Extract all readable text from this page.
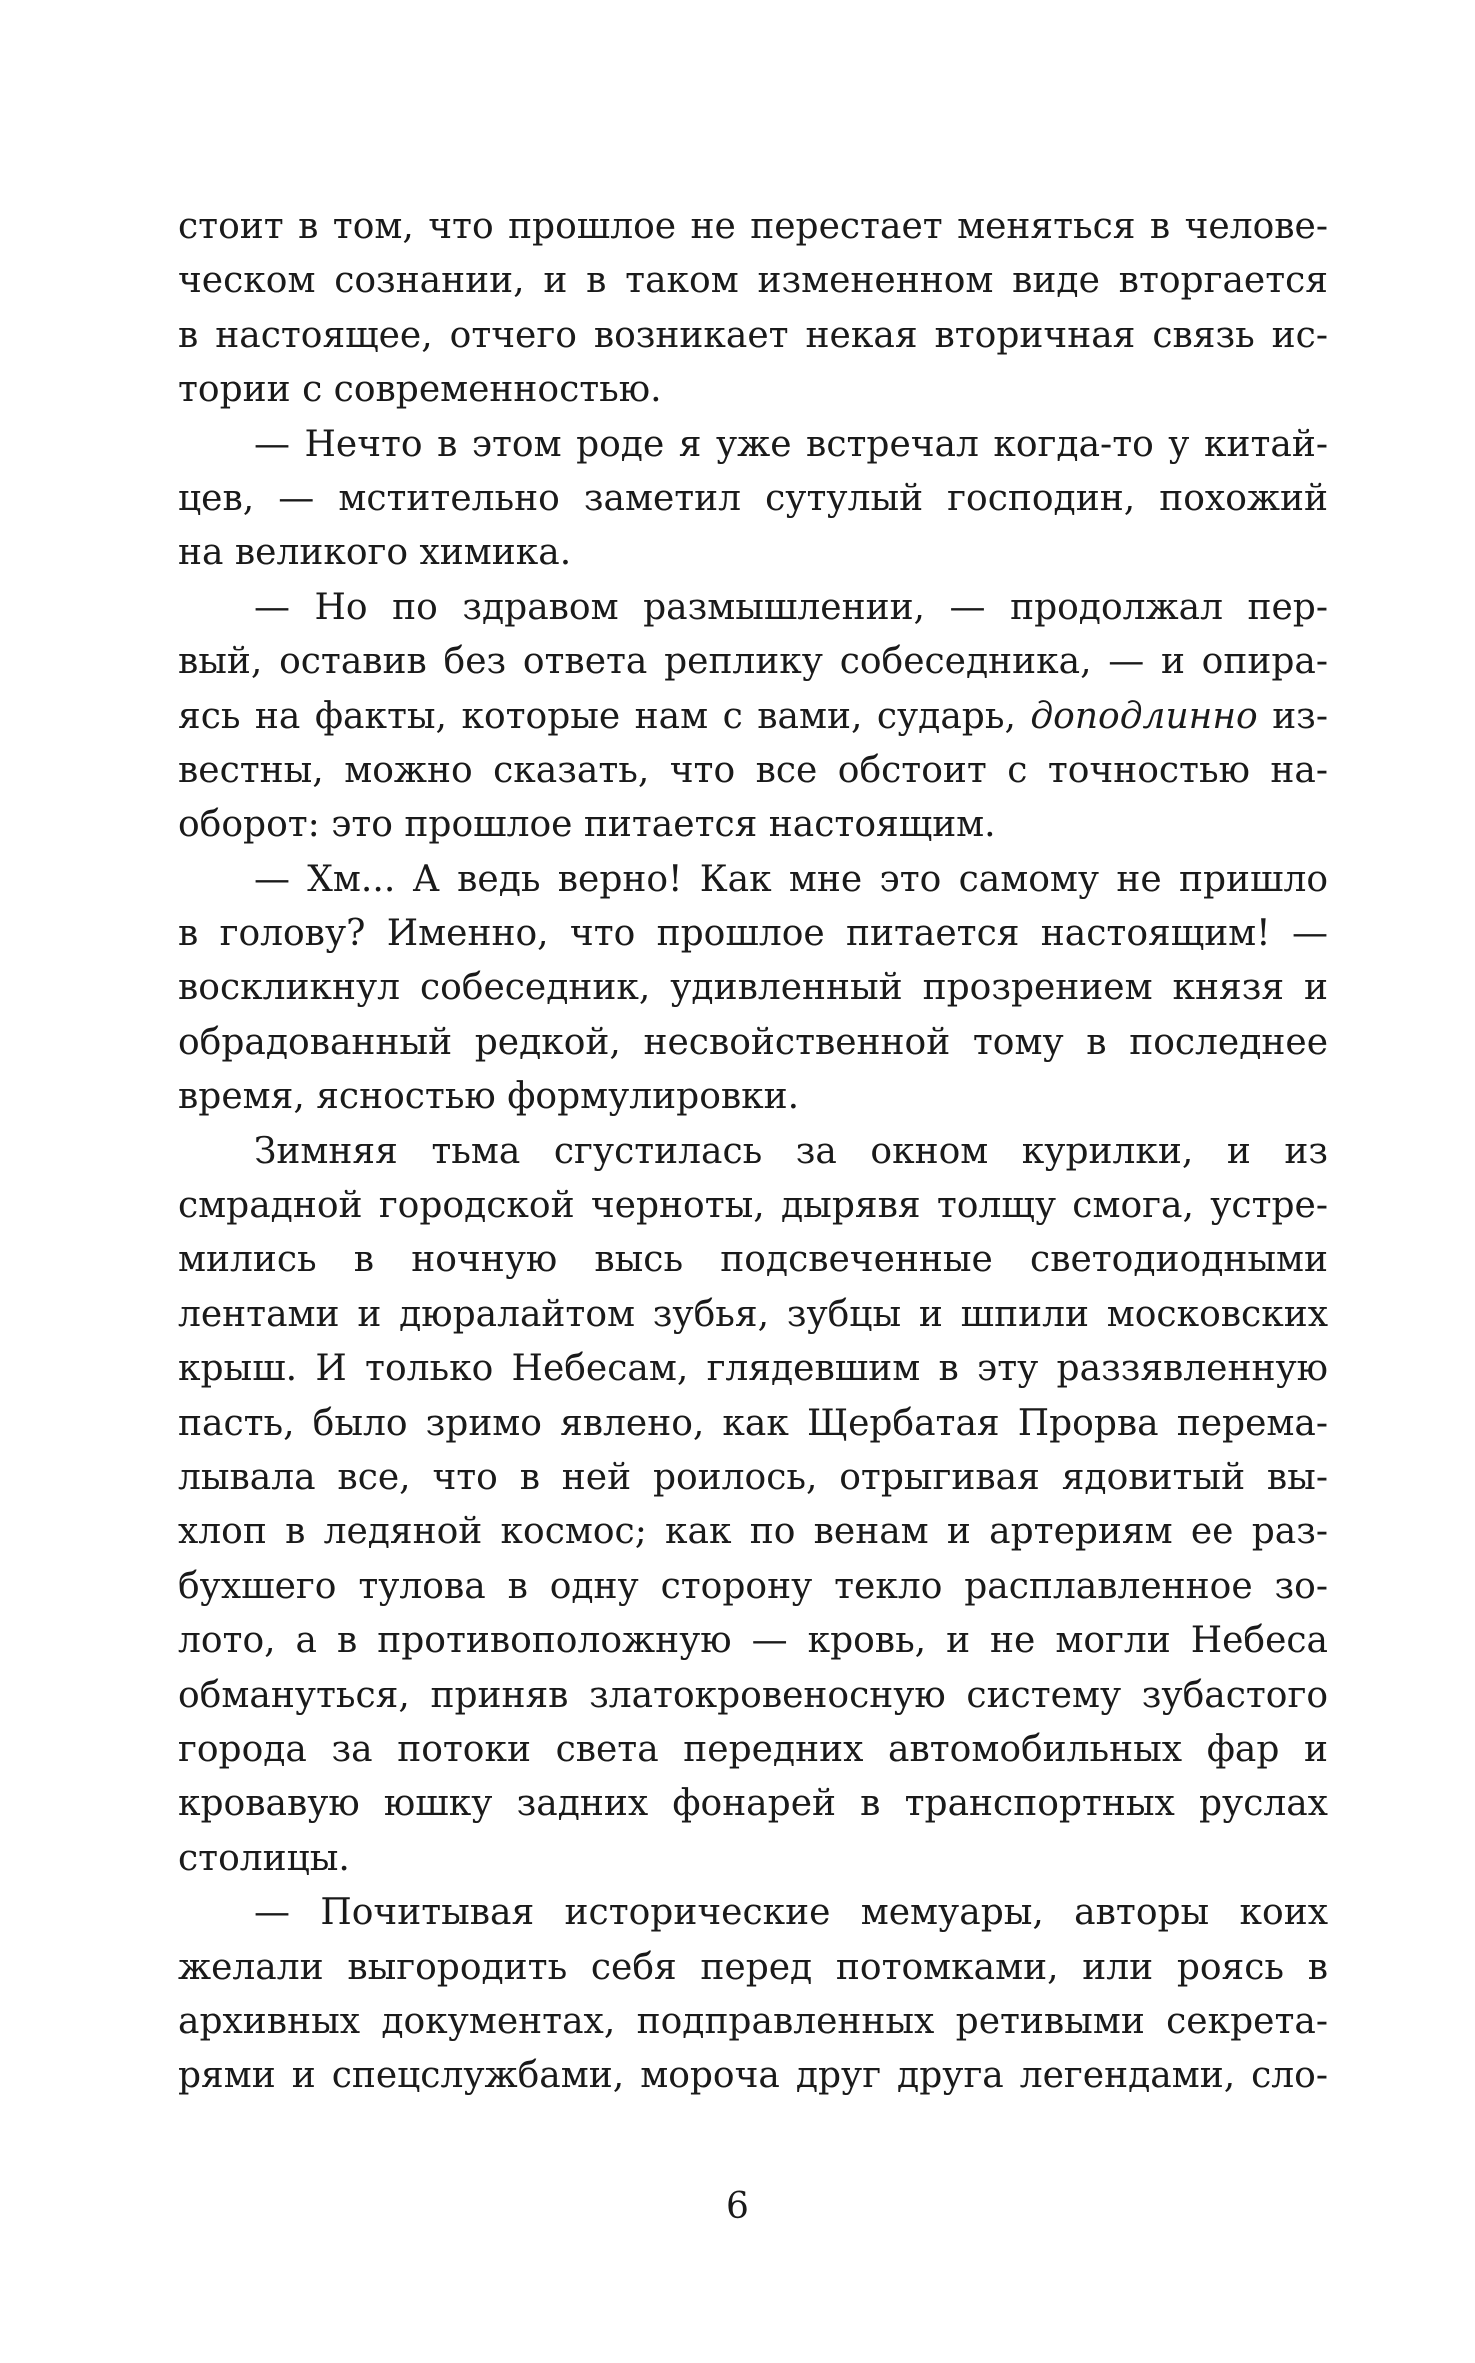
стоит в том, что прошлое не перестает меняться в челове-
ческом сознании, и в таком измененном виде вторгается
в настоящее, отчего возникает некая вторичная связь ис-
тории с современностью.
— Нечто в этом роде я уже встречал когда-то у китай-
цев, — мстительно заметил сутулый господин, похожий
на великого химика.
— Но по здравом размышлении, — продолжал пер-
вый, оставив без ответа реплику собеседника, — и опира-
ясь на факты, которые нам с вами, сударь, доподлинно из-
вестны, можно сказать, что все обстоит с точностью на-
оборот: это прошлое питается настоящим.
— Хм... А ведь верно! Как мне это самому не пришло
в голову? Именно, что прошлое питается настоящим! —
воскликнул собеседник, удивленный прозрением князя и
обрадованный редкой, несвойственной тому в последнее
время, ясностью формулировки.
Зимняя тьма сгустилась за окном курилки, и из
смрадной городской черноты, дырявя толщу смога, устре-
мились в ночную высь подсвеченные светодиодными
лентами и дюралайтом зубья, зубцы и шпили московских
крыш. И только Небесам, глядевшим в эту раззявленную
пасть, было зримо явлено, как Щербатая Прорва перема-
лывала все, что в ней роилось, отрыгивая ядовитый вы-
хлоп в ледяной космос; как по венам и артериям ее раз-
бухшего тулова в одну сторону текло расплавленное зо-
лото, а в противоположную — кровь, и не могли Небеса
обмануться, приняв златокровеносную систему зубастого
города за потоки света передних автомобильных фар и
кровавую юшку задних фонарей в транспортных руслах
столицы.
— Почитывая исторические мемуары, авторы коих
желали выгородить себя перед потомками, или роясь в
архивных документах, подправленных ретивыми секрета-
рями и спецслужбами, морочa друг друга легендами, сло-
6
